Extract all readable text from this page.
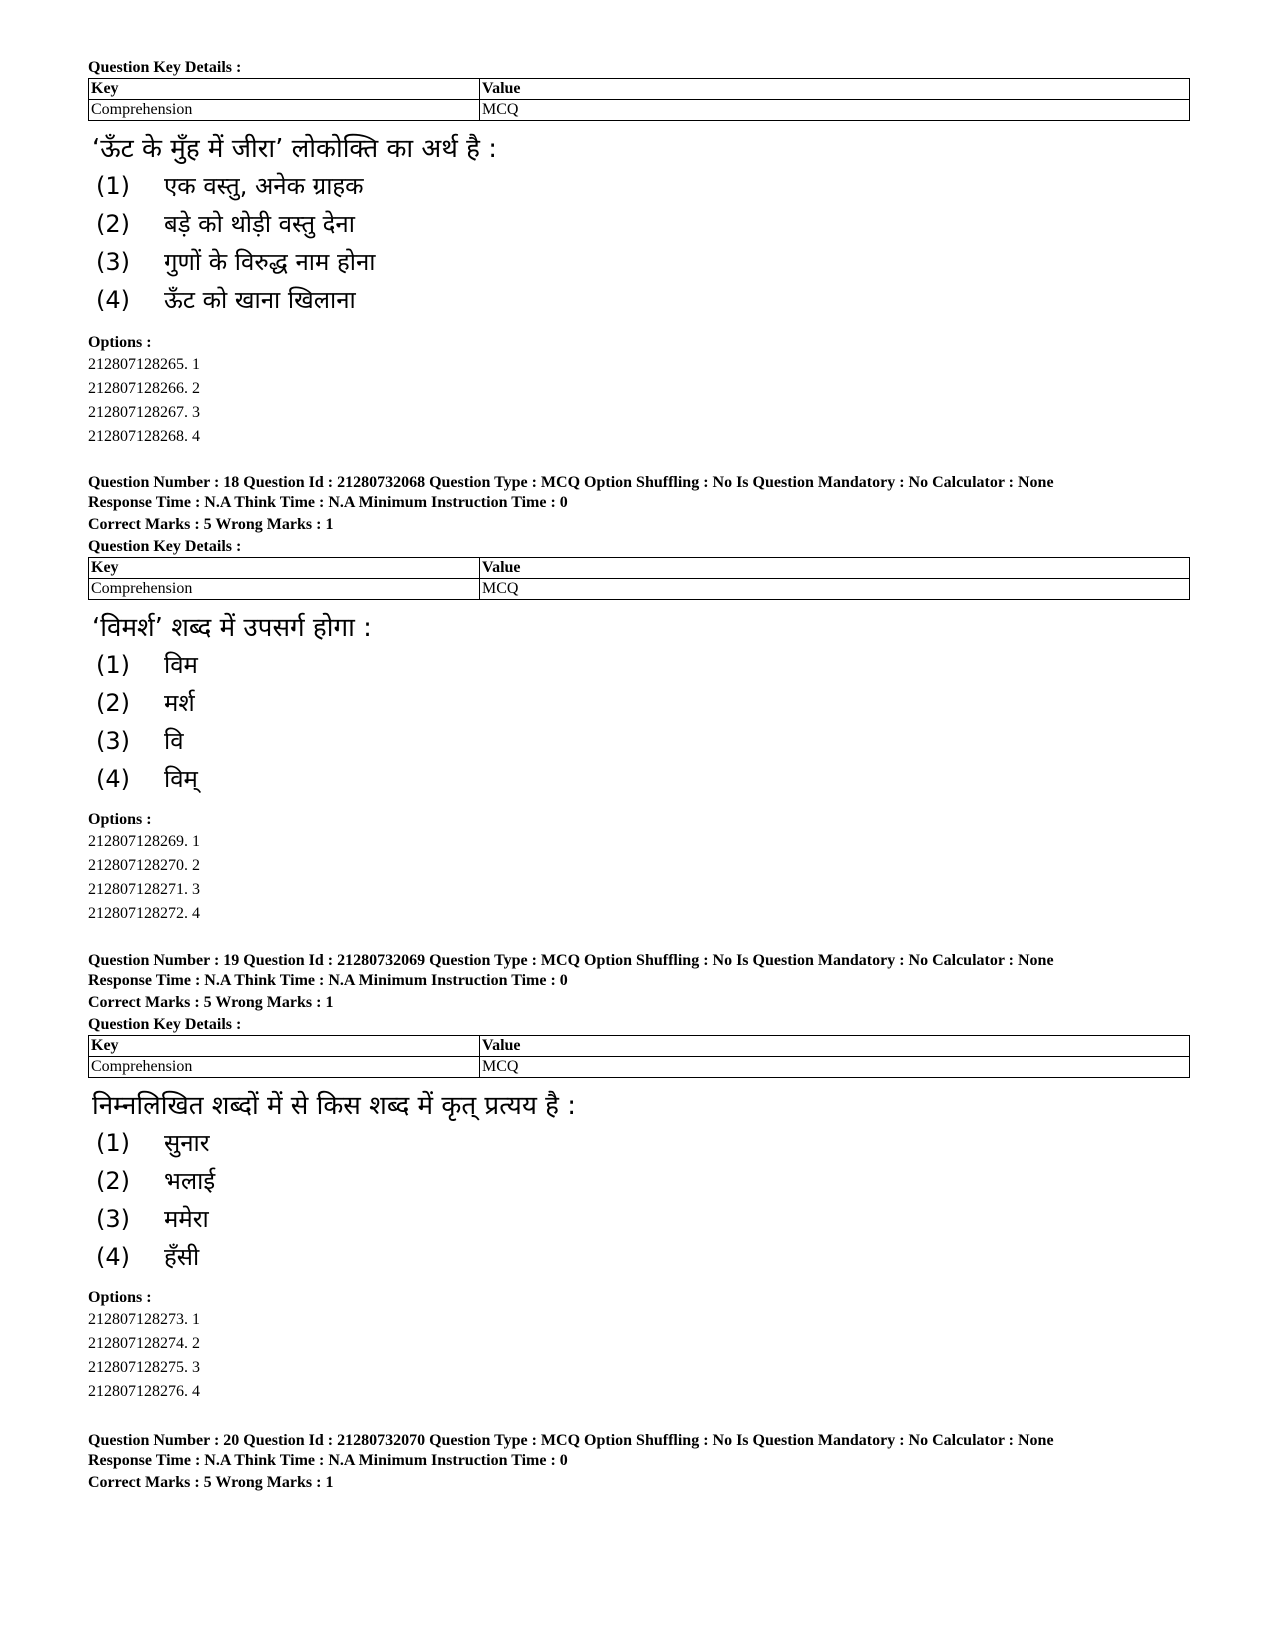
Question Key Details :
Key	Value
Comprehension	MCQ
‘ऊँट के मुँह में जीरा’ लोकोक्ति का अर्थ है :
(1)	एक वस्तु, अनेक ग्राहक
(2)	बड़े को थोड़ी वस्तु देना
(3)	गुणों के विरुद्ध नाम होना
(4)	ऊँट को खाना खिलाना
Options :
212807128265. 1
212807128266. 2
212807128267. 3
212807128268. 4
Question Number : 18 Question Id : 21280732068 Question Type : MCQ Option Shuffling : No Is Question Mandatory : No Calculator : None
Response Time : N.A Think Time : N.A Minimum Instruction Time : 0
Correct Marks : 5 Wrong Marks : 1
Question Key Details :
Key	Value
Comprehension	MCQ
‘विमर्श’ शब्द में उपसर्ग होगा :
(1)	विम
(2)	मर्श
(3)	वि
(4)	विम्
Options :
212807128269. 1
212807128270. 2
212807128271. 3
212807128272. 4
Question Number : 19 Question Id : 21280732069 Question Type : MCQ Option Shuffling : No Is Question Mandatory : No Calculator : None
Response Time : N.A Think Time : N.A Minimum Instruction Time : 0
Correct Marks : 5 Wrong Marks : 1
Question Key Details :
Key	Value
Comprehension	MCQ
निम्नलिखित शब्दों में से किस शब्द में कृत् प्रत्यय है :
(1)	सुनार
(2)	भलाई
(3)	ममेरा
(4)	हँसी
Options :
212807128273. 1
212807128274. 2
212807128275. 3
212807128276. 4
Question Number : 20 Question Id : 21280732070 Question Type : MCQ Option Shuffling : No Is Question Mandatory : No Calculator : None
Response Time : N.A Think Time : N.A Minimum Instruction Time : 0
Correct Marks : 5 Wrong Marks : 1
